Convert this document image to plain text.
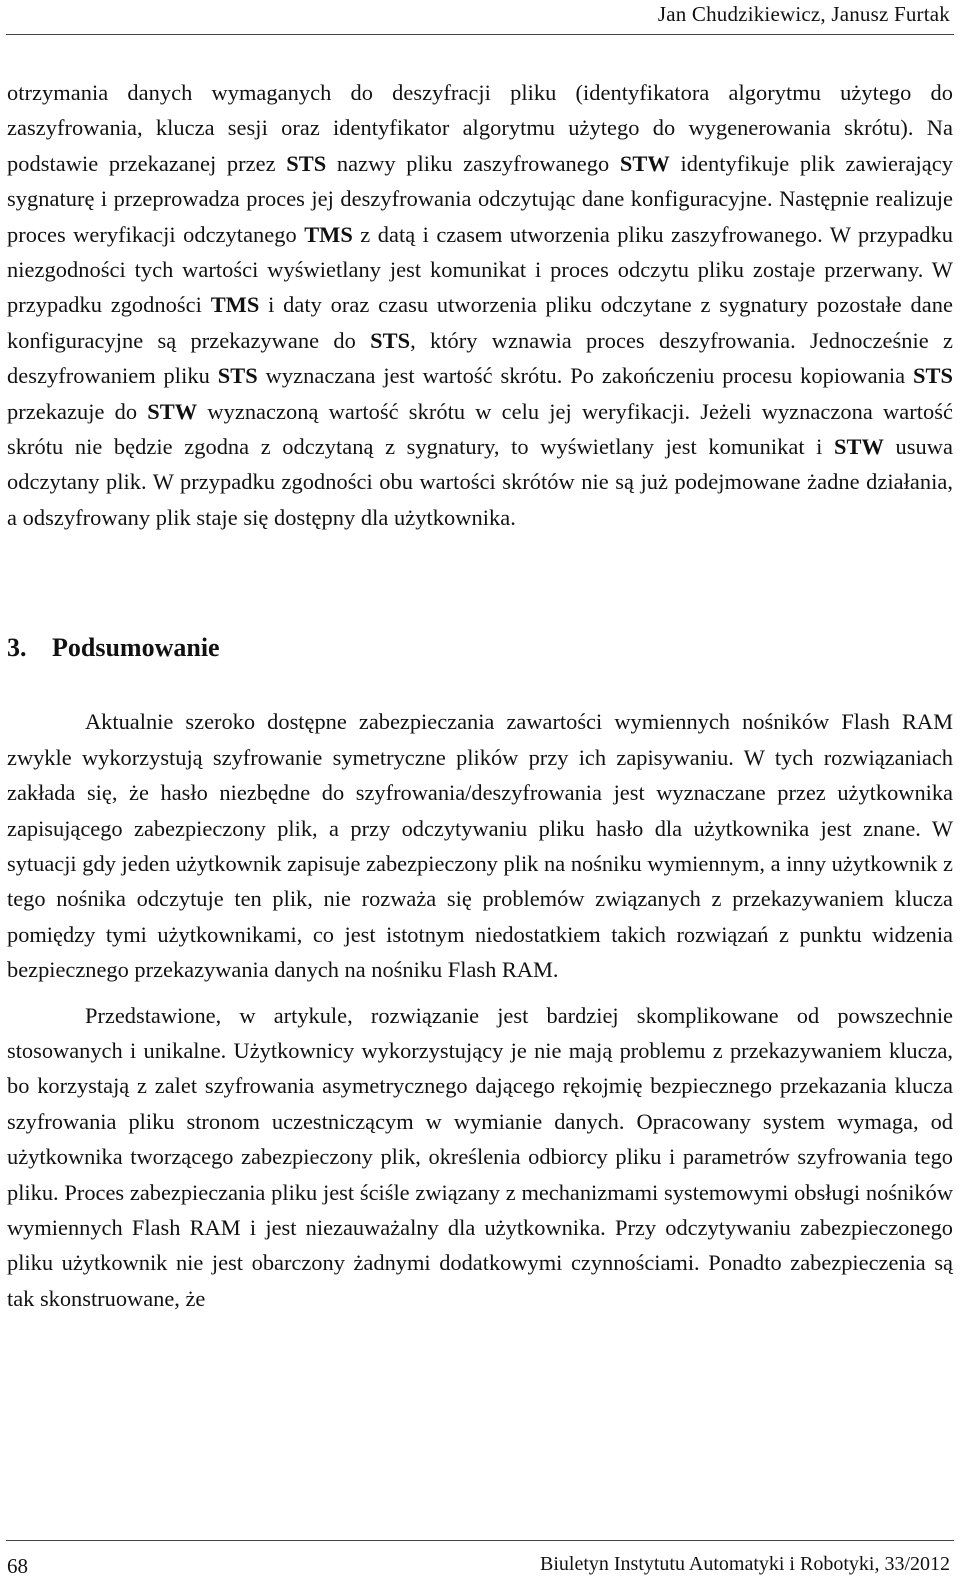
Jan Chudzikiewicz, Janusz Furtak

otrzymania danych wymaganych do deszyfracji pliku (identyfikatora algorytmu użytego do zaszyfrowania, klucza sesji oraz identyfikator algorytmu użytego do wygenerowania skrótu). Na podstawie przekazanej przez STS nazwy pliku zaszyfrowanego STW identyfikuje plik zawierający sygnaturę i przeprowadza proces jej deszyfrowania odczytując dane konfiguracyjne. Następnie realizuje proces weryfikacji odczytanego TMS z datą i czasem utworzenia pliku zaszyfrowanego. W przypadku niezgodności tych wartości wyświetlany jest komunikat i proces odczytu pliku zostaje przerwany. W przypadku zgodności TMS i daty oraz czasu utworzenia pliku odczytane z sygnatury pozostałe dane konfiguracyjne są przekazywane do STS, który wznawia proces deszyfrowania. Jednocześnie z deszyfrowaniem pliku STS wyznaczana jest wartość skrótu. Po zakończeniu procesu kopiowania STS przekazuje do STW wyznaczoną wartość skrótu w celu jej weryfikacji. Jeżeli wyznaczona wartość skrótu nie będzie zgodna z odczytaną z sygnatury, to wyświetlany jest komunikat i STW usuwa odczytany plik. W przypadku zgodności obu wartości skrótów nie są już podejmowane żadne działania, a odszyfrowany plik staje się dostępny dla użytkownika.

3. Podsumowanie

Aktualnie szeroko dostępne zabezpieczania zawartości wymiennych nośników Flash RAM zwykle wykorzystują szyfrowanie symetryczne plików przy ich zapisywaniu. W tych rozwiązaniach zakłada się, że hasło niezbędne do szyfrowania/deszyfrowania jest wyznaczane przez użytkownika zapisującego zabezpieczony plik, a przy odczytywaniu pliku hasło dla użytkownika jest znane. W sytuacji gdy jeden użytkownik zapisuje zabezpieczony plik na nośniku wymiennym, a inny użytkownik z tego nośnika odczytuje ten plik, nie rozważa się problemów związanych z przekazywaniem klucza pomiędzy tymi użytkownikami, co jest istotnym niedostatkiem takich rozwiązań z punktu widzenia bezpiecznego przekazywania danych na nośniku Flash RAM.

Przedstawione, w artykule, rozwiązanie jest bardziej skomplikowane od powszechnie stosowanych i unikalne. Użytkownicy wykorzystujący je nie mają problemu z przekazywaniem klucza, bo korzystają z zalet szyfrowania asymetrycznego dającego rękojmię bezpiecznego przekazania klucza szyfrowania pliku stronom uczestniczącym w wymianie danych. Opracowany system wymaga, od użytkownika tworzącego zabezpieczony plik, określenia odbiorcy pliku i parametrów szyfrowania tego pliku. Proces zabezpieczania pliku jest ściśle związany z mechanizmami systemowymi obsługi nośników wymiennych Flash RAM i jest niezauważalny dla użytkownika. Przy odczytywaniu zabezpieczonego pliku użytkownik nie jest obarczony żadnymi dodatkowymi czynnościami. Ponadto zabezpieczenia są tak skonstruowane, że

68	Biuletyn Instytutu Automatyki i Robotyki, 33/2012
